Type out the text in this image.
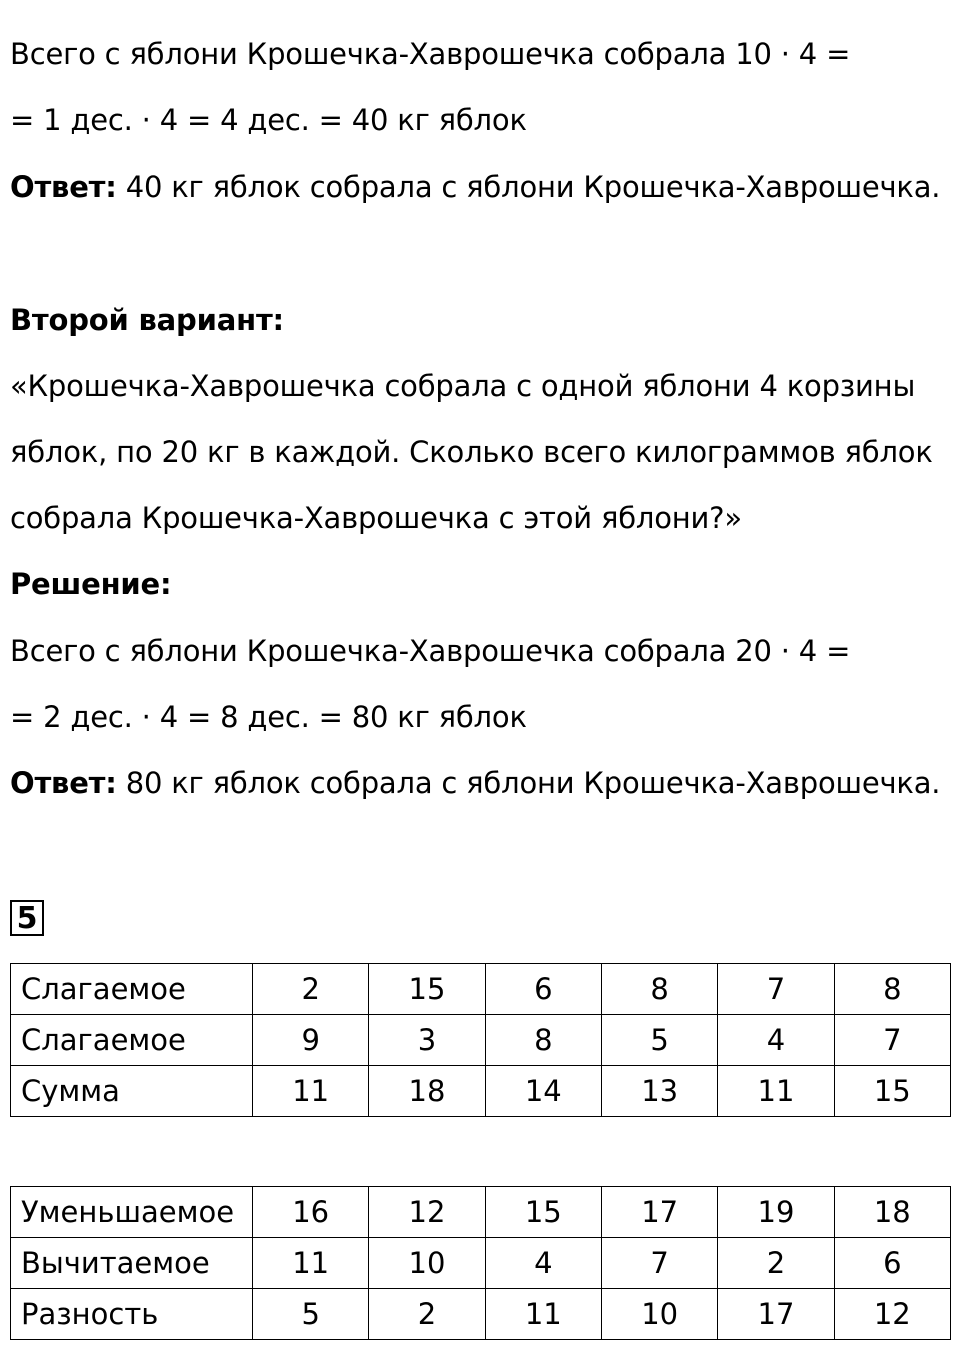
Всего с яблони Крошечка-Хаврошечка собрала 10 · 4 =
= 1 дес. · 4 = 4 дес. = 40 кг яблок
Ответ: 40 кг яблок собрала с яблони Крошечка-Хаврошечка.
Второй вариант:
«Крошечка-Хаврошечка собрала с одной яблони 4 корзины
яблок, по 20 кг в каждой. Сколько всего килограммов яблок
собрала Крошечка-Хаврошечка с этой яблони?»
Решение:
Всего с яблони Крошечка-Хаврошечка собрала 20 · 4 =
= 2 дес. · 4 = 8 дес. = 80 кг яблок
Ответ: 80 кг яблок собрала с яблони Крошечка-Хаврошечка.
5
Слагаемое	2	15	6	8	7	8
Слагаемое	9	3	8	5	4	7
Сумма	11	18	14	13	11	15
Уменьшаемое	16	12	15	17	19	18
Вычитаемое	11	10	4	7	2	6
Разность	5	2	11	10	17	12
